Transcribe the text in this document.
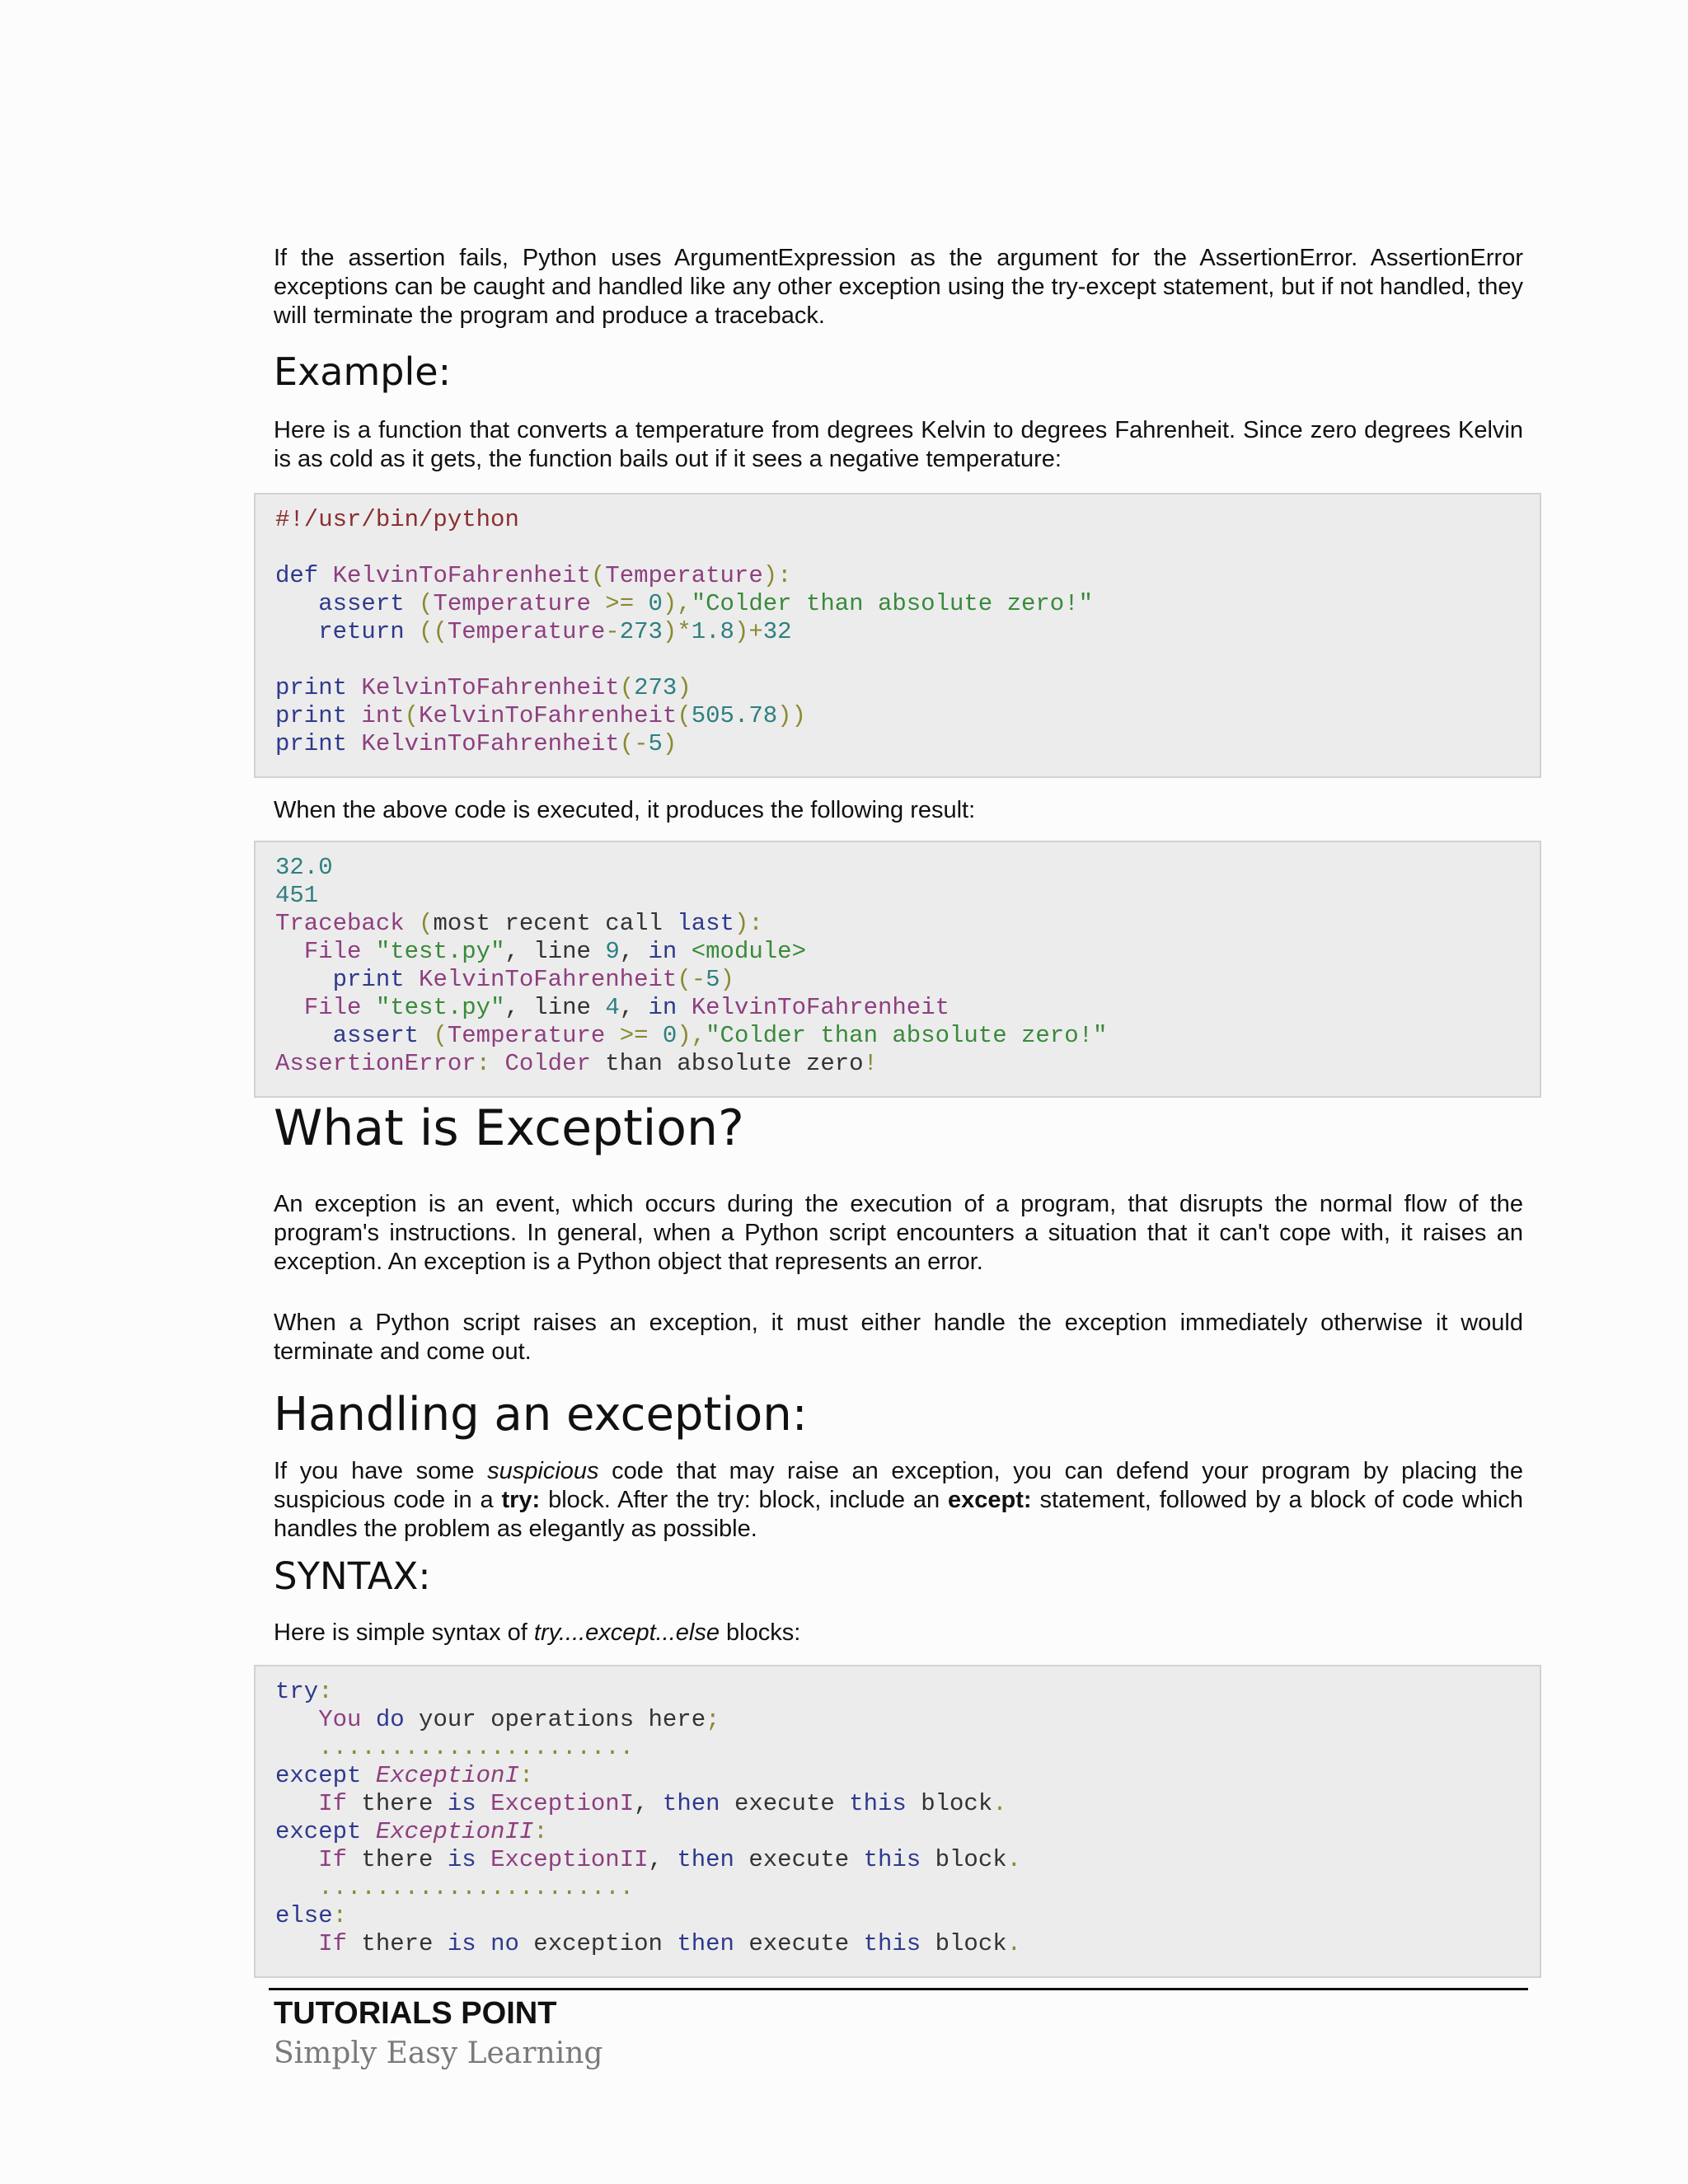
If the assertion fails, Python uses ArgumentExpression as the argument for the AssertionError. AssertionError exceptions can be caught and handled like any other exception using the try-except statement, but if not handled, they will terminate the program and produce a traceback.

Example:

Here is a function that converts a temperature from degrees Kelvin to degrees Fahrenheit. Since zero degrees Kelvin is as cold as it gets, the function bails out if it sees a negative temperature:

#!/usr/bin/python

def KelvinToFahrenheit(Temperature):
assert (Temperature >= 0),"Colder than absolute zero!"
return ((Temperature-273)*1.8)+32

print KelvinToFahrenheit(273)
print int(KelvinToFahrenheit(505.78))
print KelvinToFahrenheit(-5)

When the above code is executed, it produces the following result:

32.0
451
Traceback (most recent call last):
File "test.py", line 9, in <module>
print KelvinToFahrenheit(-5)
File "test.py", line 4, in KelvinToFahrenheit
assert (Temperature >= 0),"Colder than absolute zero!"
AssertionError: Colder than absolute zero!
What is Exception?

An exception is an event, which occurs during the execution of a program, that disrupts the normal flow of the program's instructions. In general, when a Python script encounters a situation that it can't cope with, it raises an exception. An exception is a Python object that represents an error.

When a Python script raises an exception, it must either handle the exception immediately otherwise it would terminate and come out.

Handling an exception:

If you have some suspicious code that may raise an exception, you can defend your program by placing the suspicious code in a try: block. After the try: block, include an except: statement, followed by a block of code which handles the problem as elegantly as possible.

SYNTAX:

Here is simple syntax of try....except...else blocks:

try:
You do your operations here;
......................
except ExceptionI:
If there is ExceptionI, then execute this block.
except ExceptionII:
If there is ExceptionII, then execute this block.
......................
else:
If there is no exception then execute this block.

TUTORIALS POINT

Simply Easy Learning
